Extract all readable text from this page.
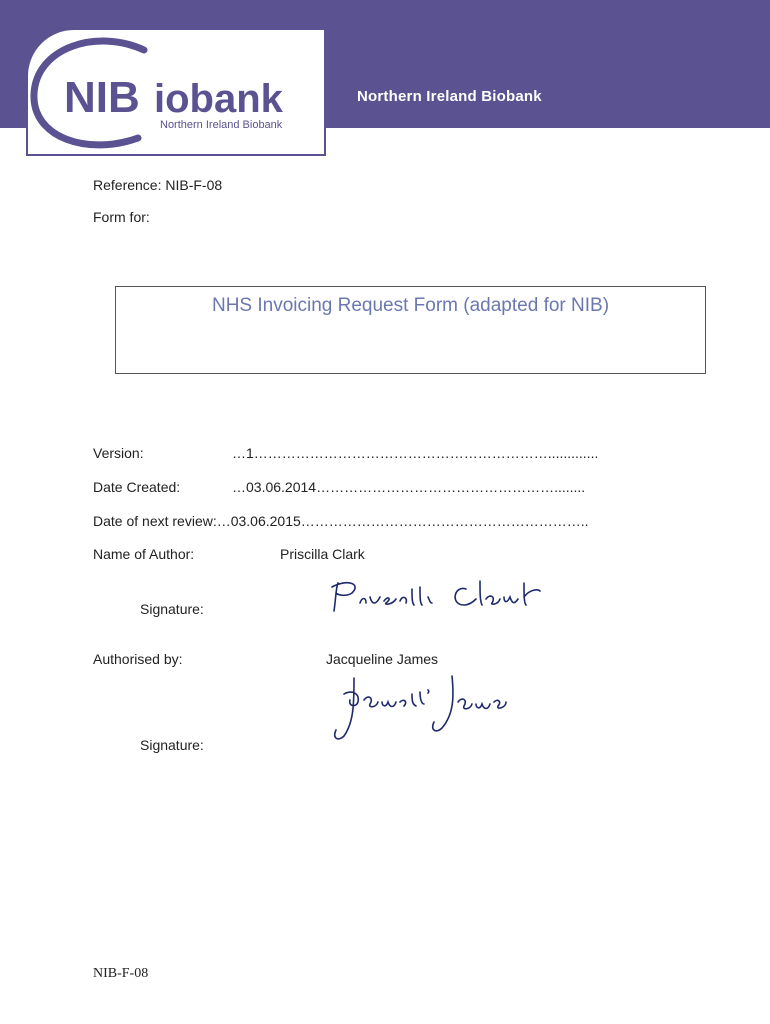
Northern Ireland Biobank
NIB iobank
Northern Ireland Biobank
Reference: NIB-F-08
Form for:
NHS Invoicing Request Form (adapted for NIB)
Version:	…1……………………………………………………….............
Date Created:	…03.06.2014……………………………………………........
Date of next review:…03.06.2015……………………………………………………..
Name of Author:	Priscilla Clark
Signature:
Authorised by:	Jacqueline James
Signature:
NIB-F-08
